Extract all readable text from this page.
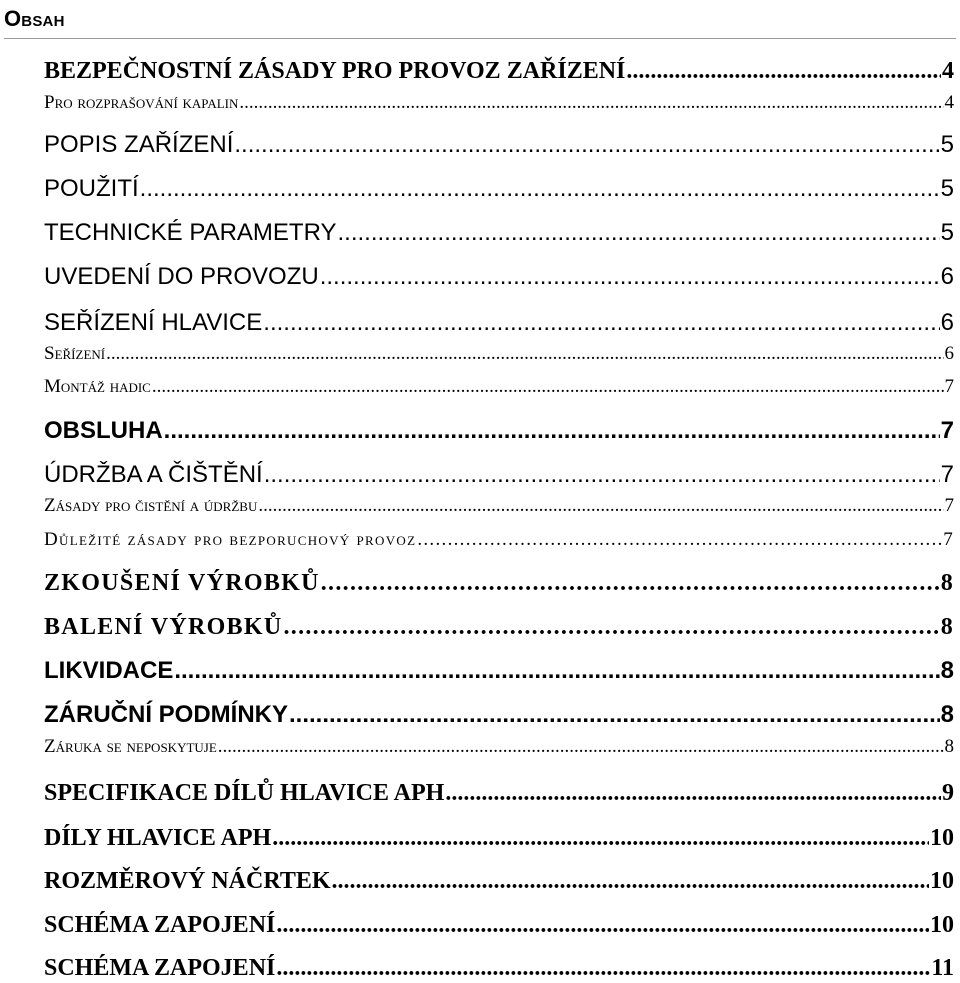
Obsah
BEZPEČNOSTNÍ ZÁSADY PRO PROVOZ ZAŘÍZENÍ .....	4
Pro rozprašování kapalin .....	4
POPIS ZAŘÍZENÍ .....	5
POUŽITÍ .....	5
TECHNICKÉ PARAMETRY .....	5
UVEDENÍ DO PROVOZU .....	6
SEŘÍZENÍ HLAVICE .....	6
Seřízení .....	6
Montáž hadic .....	7
OBSLUHA .....	7
ÚDRŽBA A ČIŠTĚNÍ .....	7
Zásady pro čistění a údržbu .....	7
Důležité zásady pro bezporuchový provoz .....	7
ZKOUŠENÍ VÝROBKŮ .....	8
BALENÍ VÝROBKŮ .....	8
LIKVIDACE .....	8
ZÁRUČNÍ PODMÍNKY .....	8
Záruka se neposkytuje .....	8
SPECIFIKACE DÍLŮ HLAVICE APH .....	9
DÍLY HLAVICE APH .....	10
ROZMĚROVÝ NÁČRTEK .....	10
SCHÉMA ZAPOJENÍ .....	10
SCHÉMA ZAPOJENÍ .....	11
